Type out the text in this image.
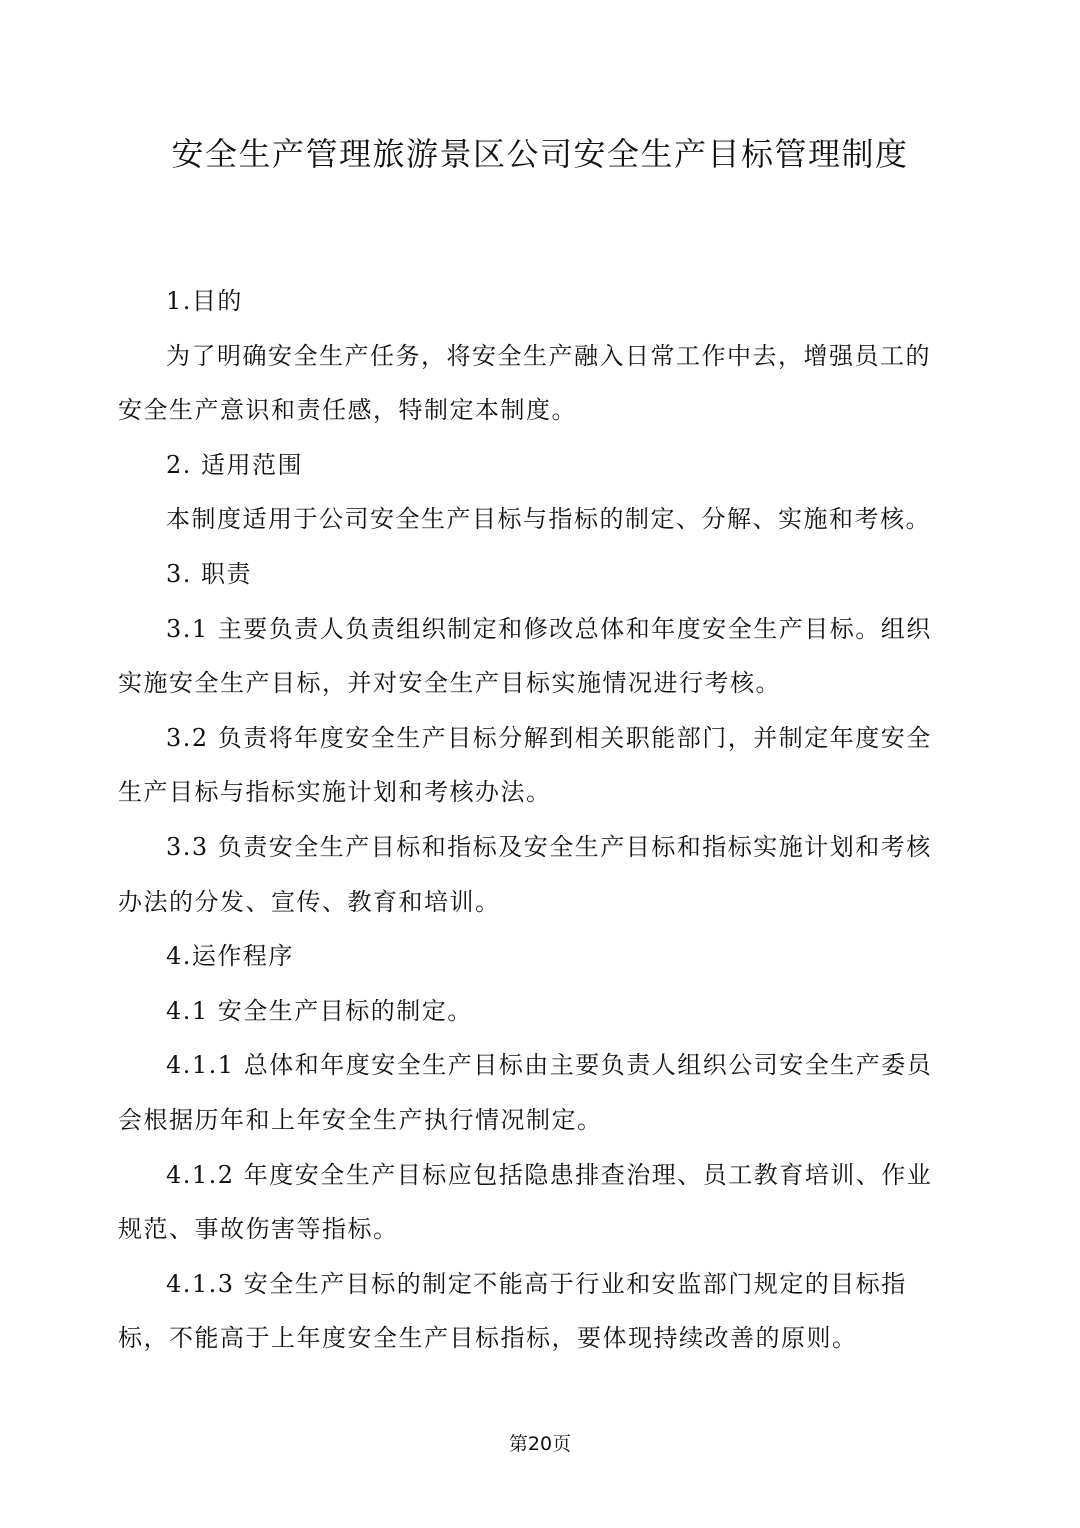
安全生产管理旅游景区公司安全生产目标管理制度

1.目的

为了明确安全生产任务，将安全生产融入日常工作中去，增强员工的安全生产意识和责任感，特制定本制度。

2. 适用范围

本制度适用于公司安全生产目标与指标的制定、分解、实施和考核。

3. 职责

3.1 主要负责人负责组织制定和修改总体和年度安全生产目标。组织实施安全生产目标，并对安全生产目标实施情况进行考核。

3.2 负责将年度安全生产目标分解到相关职能部门，并制定年度安全生产目标与指标实施计划和考核办法。

3.3 负责安全生产目标和指标及安全生产目标和指标实施计划和考核办法的分发、宣传、教育和培训。

4.运作程序

4.1 安全生产目标的制定。

4.1.1 总体和年度安全生产目标由主要负责人组织公司安全生产委员会根据历年和上年安全生产执行情况制定。

4.1.2 年度安全生产目标应包括隐患排查治理、员工教育培训、作业规范、事故伤害等指标。

4.1.3 安全生产目标的制定不能高于行业和安监部门规定的目标指标，不能高于上年度安全生产目标指标，要体现持续改善的原则。

第20页
